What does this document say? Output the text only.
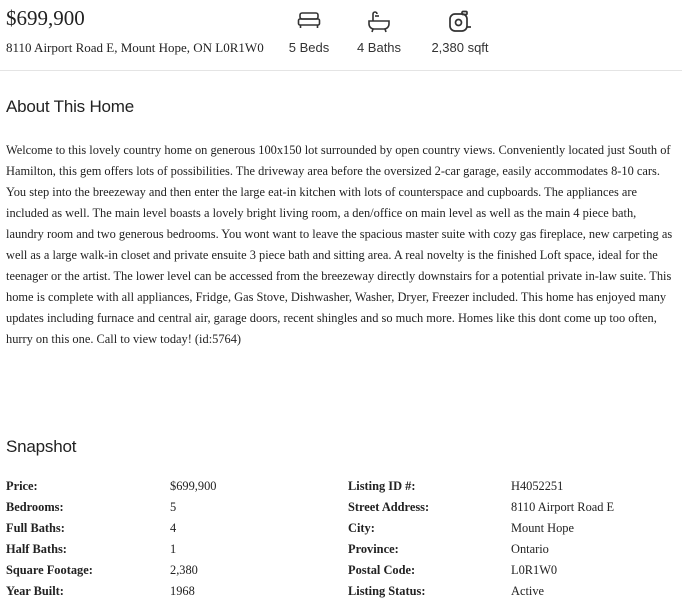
$699,900
8110 Airport Road E, Mount Hope, ON L0R1W0	5 Beds	4 Baths	2,380 sqft
About This Home

Welcome to this lovely country home on generous 100x150 lot surrounded by open country views. Conveniently located just South of Hamilton, this gem offers lots of possibilities. The driveway area before the oversized 2-car garage, easily accommodates 8-10 cars. You step into the breezeway and then enter the large eat-in kitchen with lots of counterspace and cupboards. The appliances are included as well. The main level boasts a lovely bright living room, a den/office on main level as well as the main 4 piece bath, laundry room and two generous bedrooms. You wont want to leave the spacious master suite with cozy gas fireplace, new carpeting as well as a large walk-in closet and private ensuite 3 piece bath and sitting area. A real novelty is the finished Loft space, ideal for the teenager or the artist. The lower level can be accessed from the breezeway directly downstairs for a potential private in-law suite. This home is complete with all appliances, Fridge, Gas Stove, Dishwasher, Washer, Dryer, Freezer included. This home has enjoyed many updates including furnace and central air, garage doors, recent shingles and so much more. Homes like this dont come up too often, hurry on this one. Call to view today! (id:5764)

Snapshot
Price:	$699,900	Listing ID #:	H4052251
Bedrooms:	5	Street Address:	8110 Airport Road E
Full Baths:	4	City:	Mount Hope
Half Baths:	1	Province:	Ontario
Square Footage:	2,380	Postal Code:	L0R1W0
Year Built:	1968	Listing Status:	Active
